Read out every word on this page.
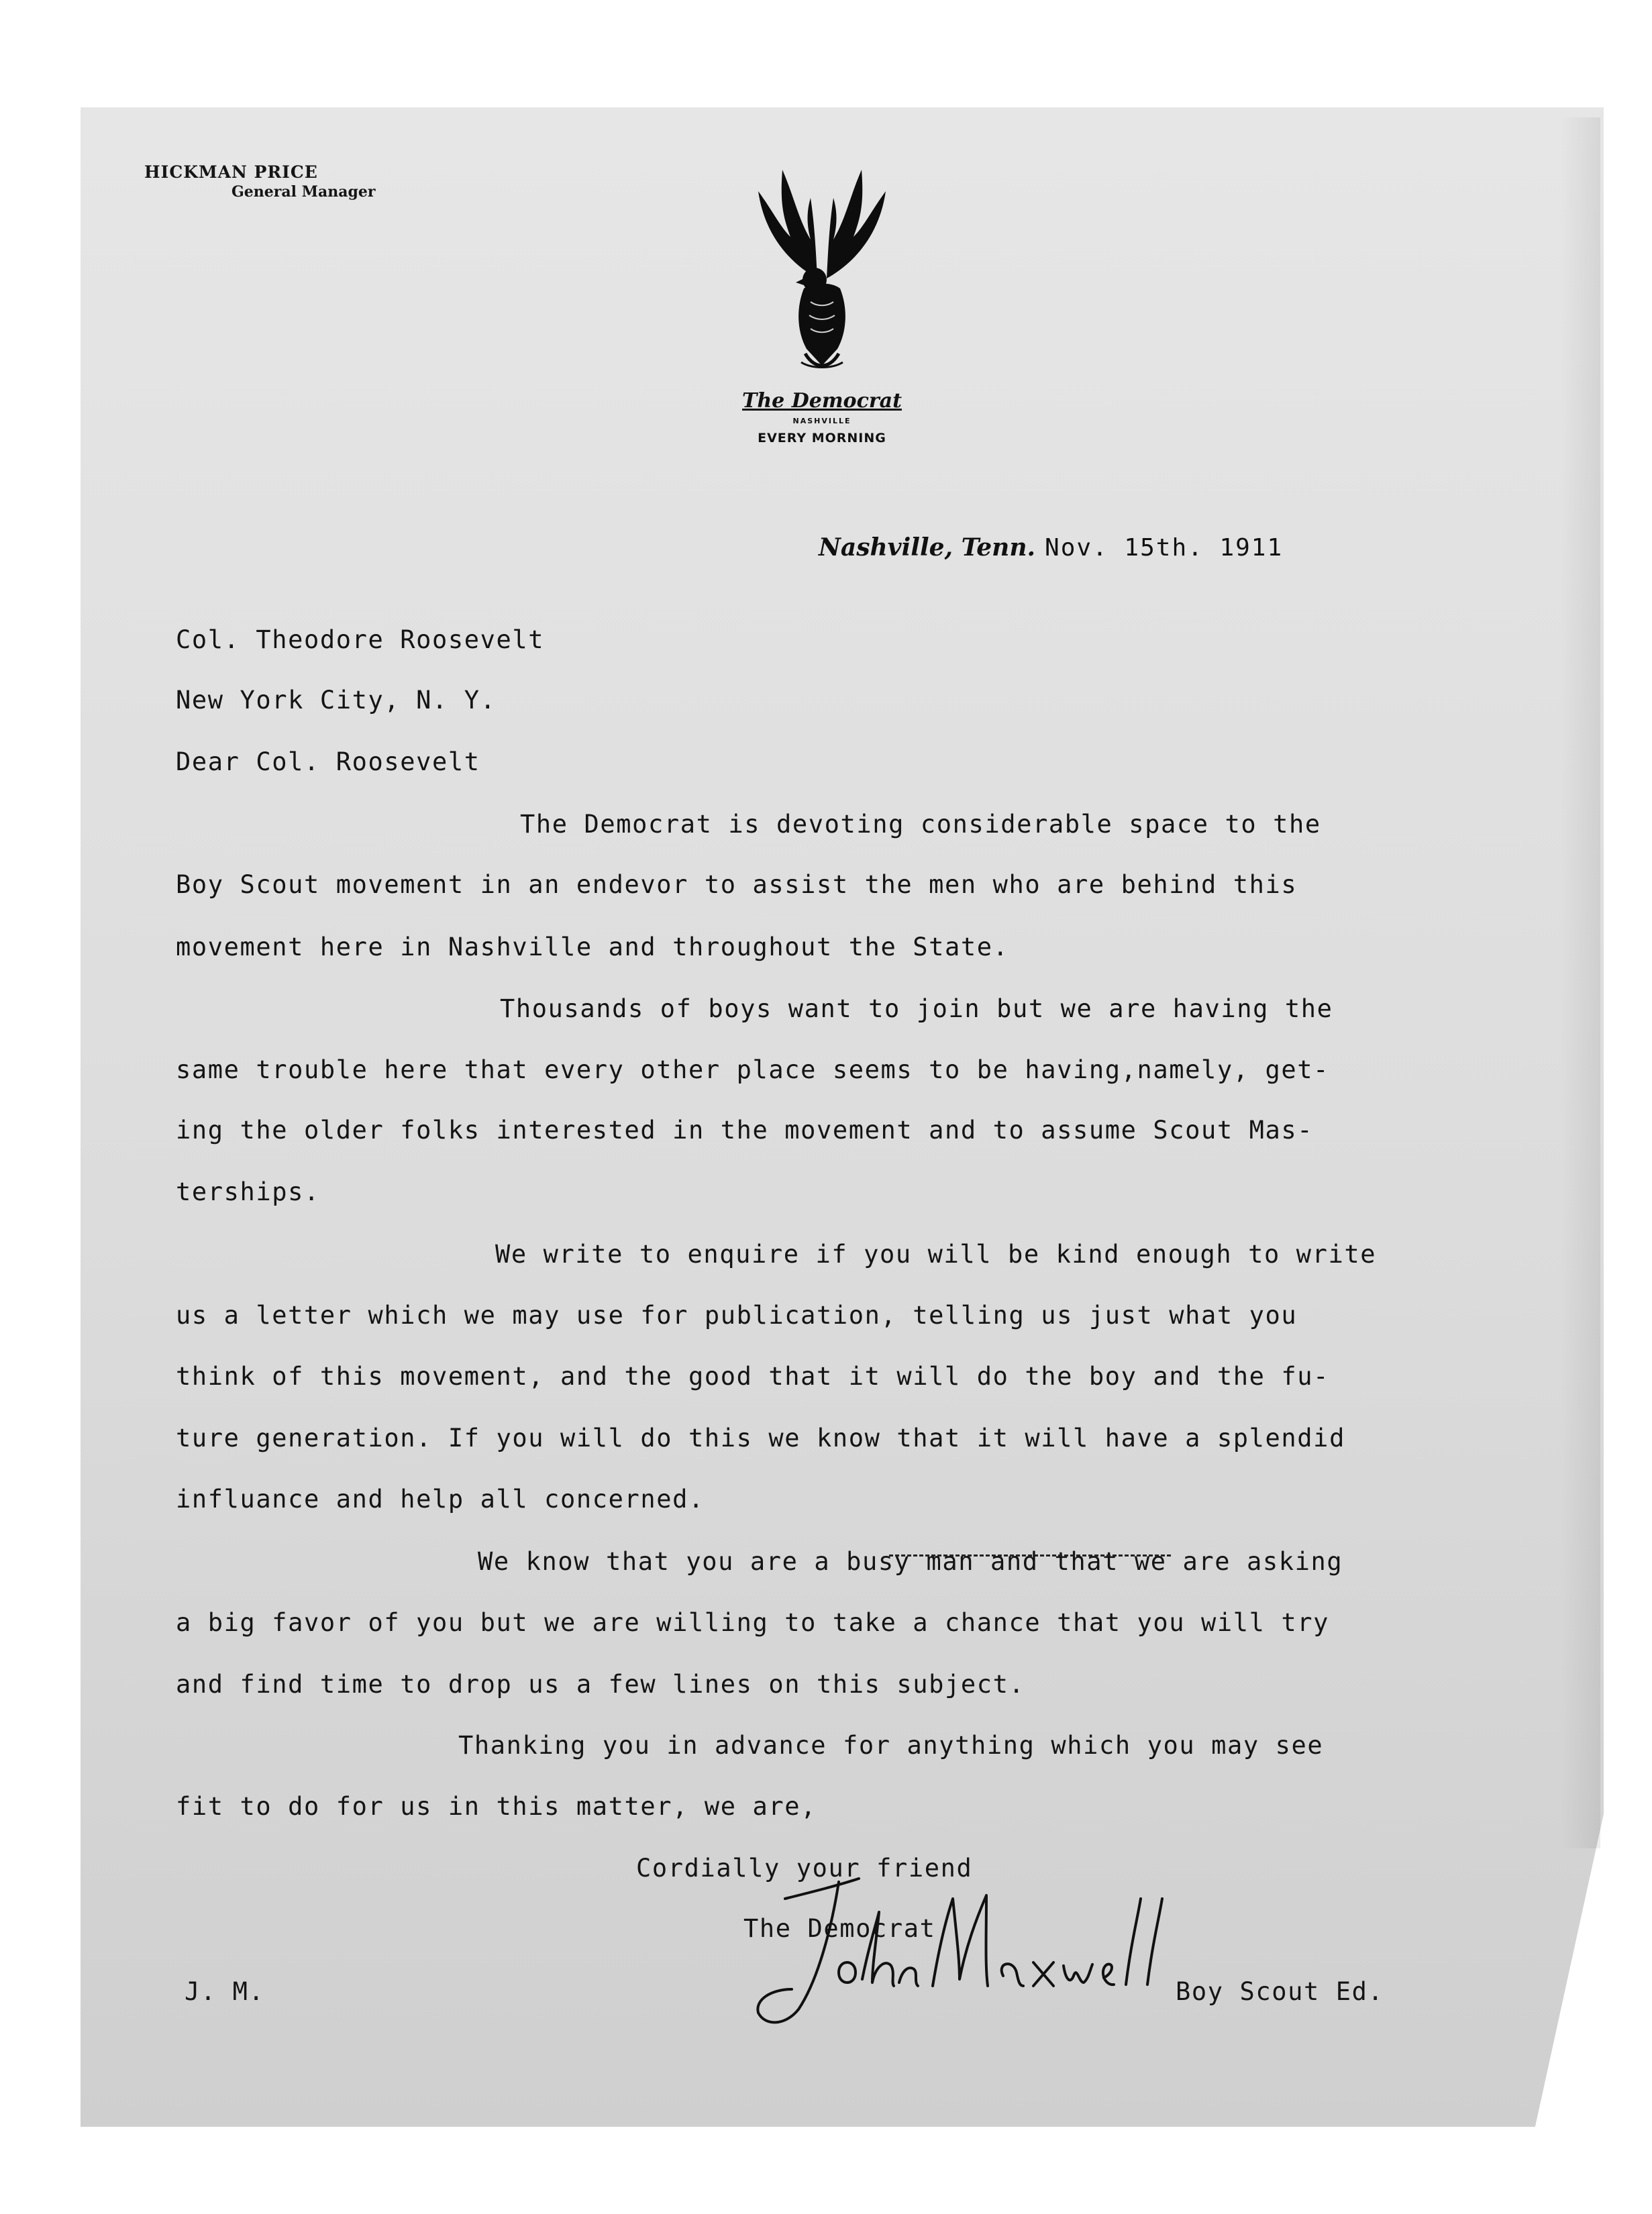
HICKMAN PRICE
General Manager
The Democrat
NASHVILLE
EVERY MORNING
Nashville, Tenn. Nov. 15th. 1911
Col. Theodore Roosevelt
New York City, N. Y.
Dear Col. Roosevelt
The Democrat is devoting considerable space to the
Boy Scout movement in an endevor to assist the men who are behind this
movement here in Nashville and throughout the State.
Thousands of boys want to join but we are having the
same trouble here that every other place seems to be having,namely, get-
ing the older folks interested in the movement and to assume Scout Mas-
terships.
We write to enquire if you will be kind enough to write
us a letter which we may use for publication, telling us just what you
think of this movement, and the good that it will do the boy and the fu-
ture generation. If you will do this we know that it will have a splendid
influance and help all concerned.
We know that you are a busy man and that we are asking
a big favor of you but we are willing to take a chance that you will try
and find time to drop us a few lines on this subject.
Thanking you in advance for anything which you may see
fit to do for us in this matter, we are,
Cordially your friend
The Democrat
J. M.	Boy Scout Ed.
